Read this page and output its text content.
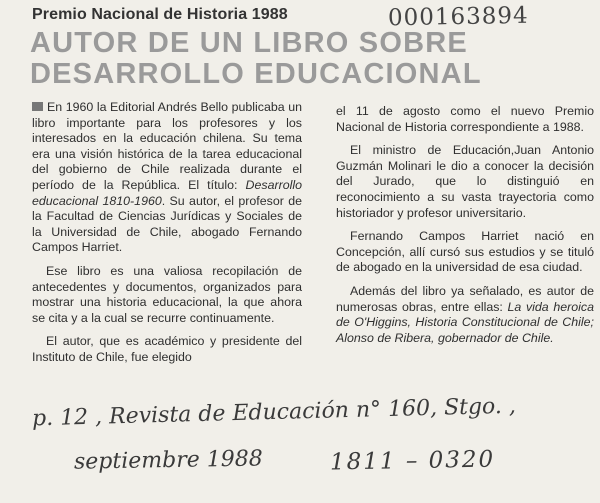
Premio Nacional de Historia 1988	000163894
AUTOR DE UN LIBRO SOBRE
DESARROLLO EDUCACIONAL

En 1960 la Editorial Andrés Bello publicaba un libro importante para los profesores y los interesados en la educación chilena. Su tema era una visión histórica de la tarea educacional del gobierno de Chile realizada durante el período de la República. El título: Desarrollo educacional 1810-1960. Su autor, el profesor de la Facultad de Ciencias Jurídicas y Sociales de la Universidad de Chile, abogado Fernando Campos Harriet.

Ese libro es una valiosa recopilación de antecedentes y documentos, organizados para mostrar una historia educacional, la que ahora se cita y a la cual se recurre continuamente.

El autor, que es académico y presidente del Instituto de Chile, fue elegido

el 11 de agosto como el nuevo Premio Nacional de Historia correspondiente a 1988.

El ministro de Educación,Juan Antonio Guzmán Molinari le dio a conocer la decisión del Jurado, que lo distinguió en reconocimiento a su vasta trayectoria como historiador y profesor universitario.

Fernando Campos Harriet nació en Concepción, allí cursó sus estudios y se tituló de abogado en la universidad de esa ciudad.

Además del libro ya señalado, es autor de numerosas obras, entre ellas: La vida heroica de O'Higgins, Historia Constitucional de Chile; Alonso de Ribera, gobernador de Chile.

p. 12 , Revista de Educación n° 160, Stgo. ,
septiembre 1988	1811 – 0320
